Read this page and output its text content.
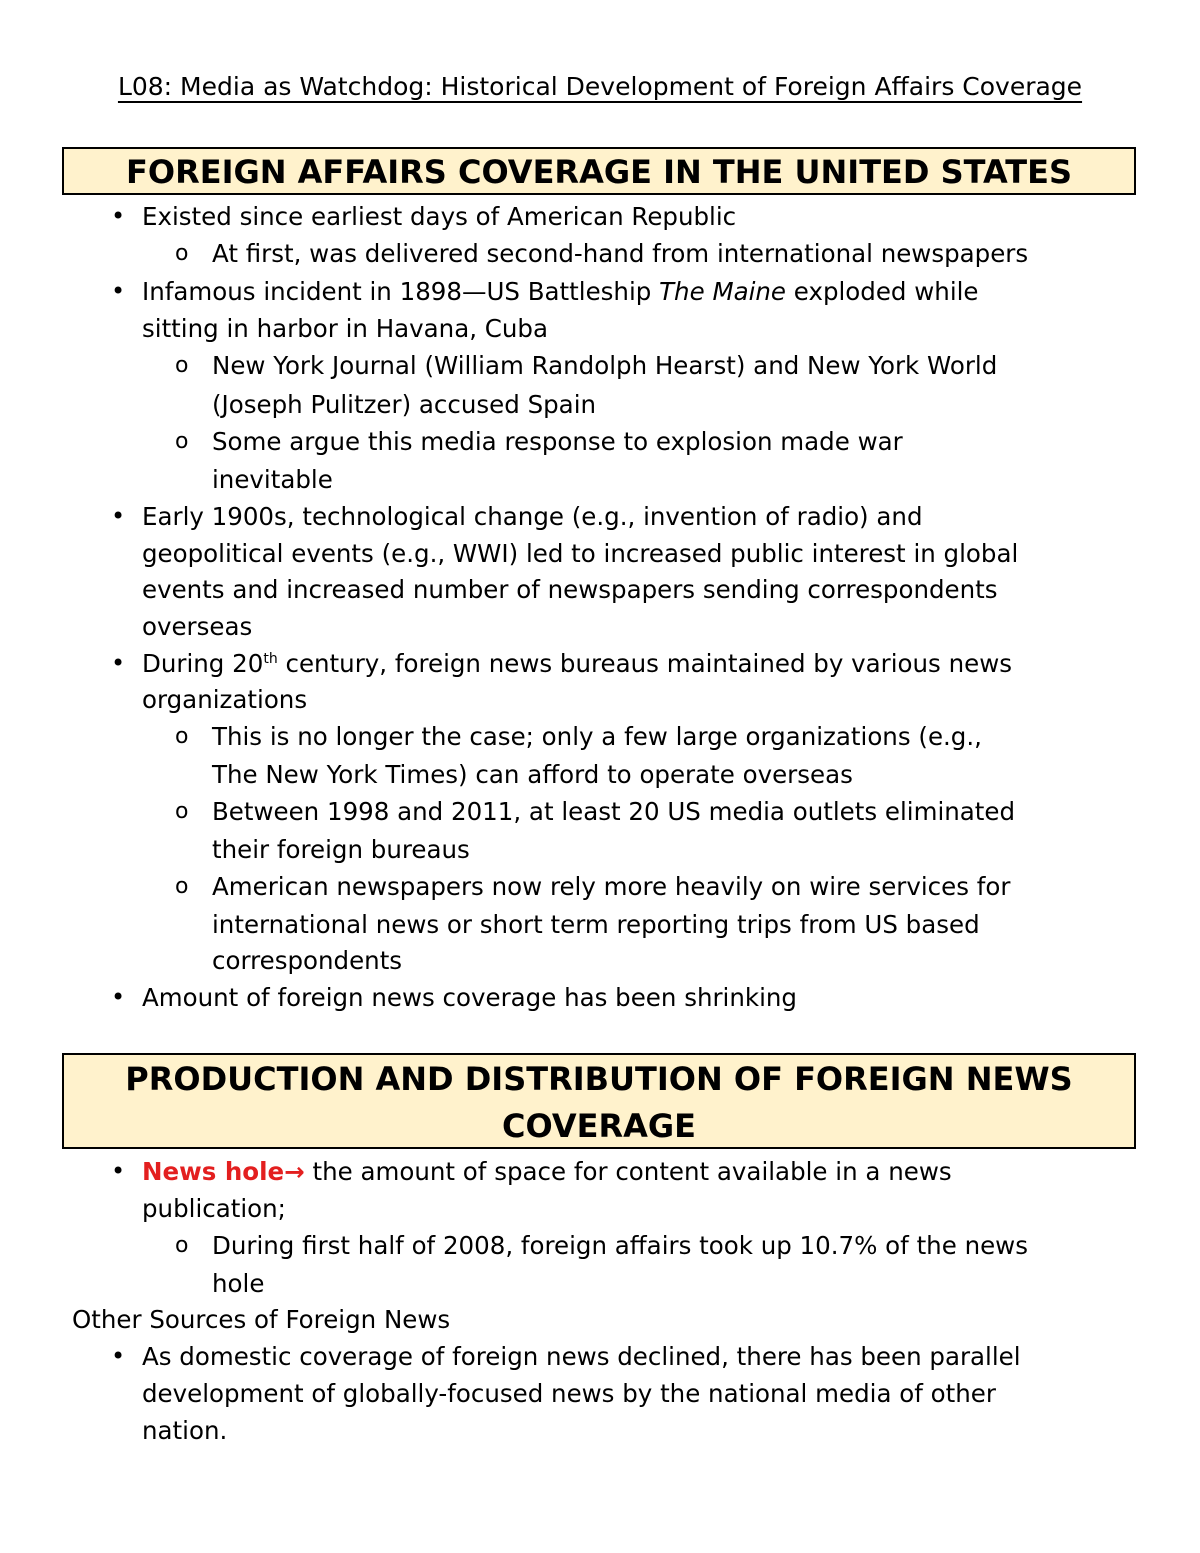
L08: Media as Watchdog: Historical Development of Foreign Affairs Coverage
FOREIGN AFFAIRS COVERAGE IN THE UNITED STATES
• Existed since earliest days of American Republic
o At first, was delivered second-hand from international newspapers
• Infamous incident in 1898—US Battleship The Maine exploded while
sitting in harbor in Havana, Cuba
o New York Journal (William Randolph Hearst) and New York World
(Joseph Pulitzer) accused Spain
o Some argue this media response to explosion made war
inevitable
• Early 1900s, technological change (e.g., invention of radio) and
geopolitical events (e.g., WWI) led to increased public interest in global
events and increased number of newspapers sending correspondents
overseas
• During 20th century, foreign news bureaus maintained by various news
organizations
o This is no longer the case; only a few large organizations (e.g.,
The New York Times) can afford to operate overseas
o Between 1998 and 2011, at least 20 US media outlets eliminated
their foreign bureaus
o American newspapers now rely more heavily on wire services for
international news or short term reporting trips from US based
correspondents
• Amount of foreign news coverage has been shrinking
PRODUCTION AND DISTRIBUTION OF FOREIGN NEWS
COVERAGE
• News hole→ the amount of space for content available in a news
publication;
o During first half of 2008, foreign affairs took up 10.7% of the news
hole
Other Sources of Foreign News
• As domestic coverage of foreign news declined, there has been parallel
development of globally-focused news by the national media of other
nation.
